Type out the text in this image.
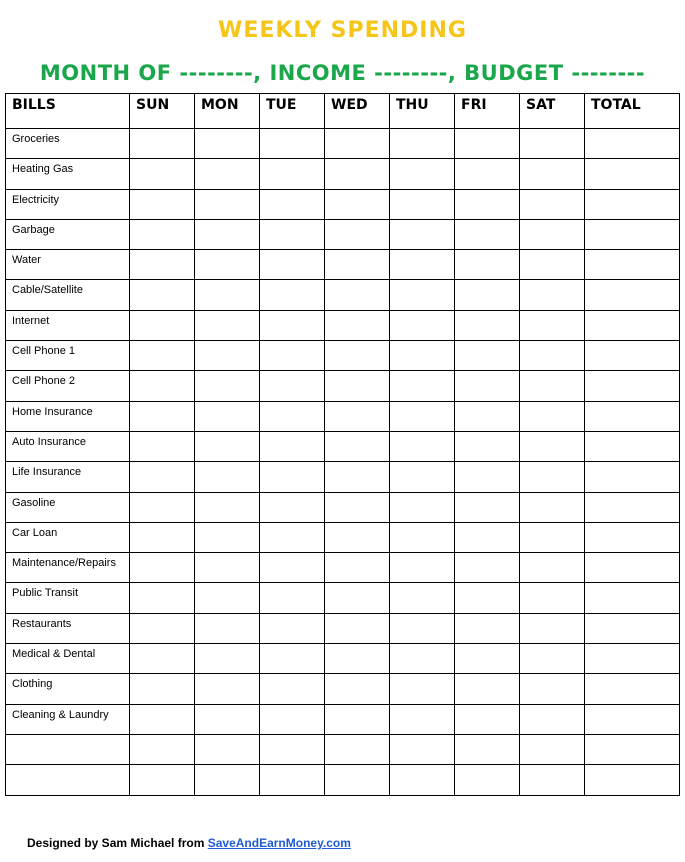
WEEKLY SPENDING
MONTH OF --------, INCOME --------, BUDGET --------
BILLS	SUN	MON	TUE	WED	THU	FRI	SAT	TOTAL
Groceries								
Heating Gas								
Electricity								
Garbage								
Water								
Cable/Satellite								
Internet								
Cell Phone 1								
Cell Phone 2								
Home Insurance								
Auto Insurance								
Life Insurance								
Gasoline								
Car Loan								
Maintenance/Repairs								
Public Transit								
Restaurants								
Medical & Dental								
Clothing								
Cleaning & Laundry								

Designed by Sam Michael from SaveAndEarnMoney.com
